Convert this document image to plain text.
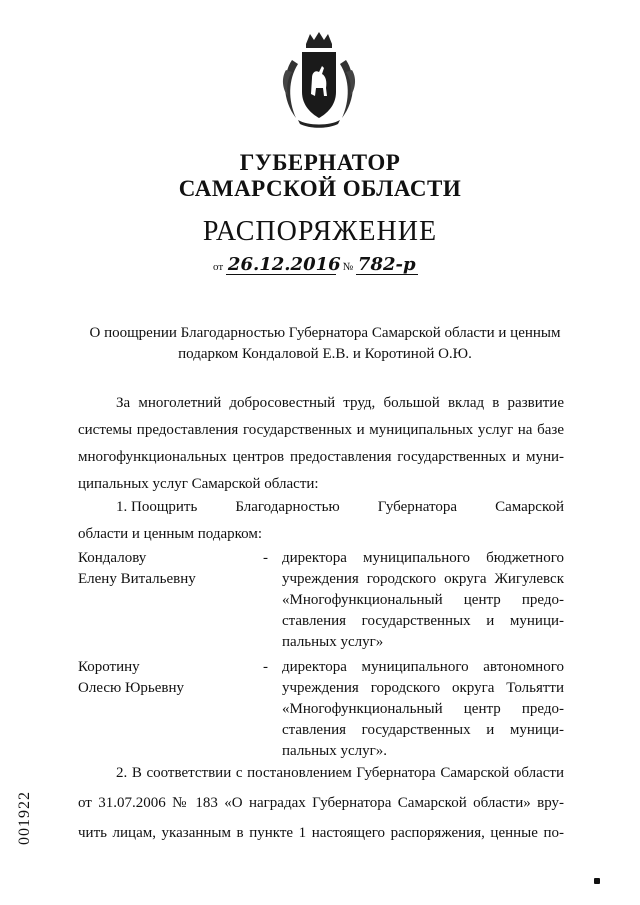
ГУБЕРНАТОР
САМАРСКОЙ ОБЛАСТИ
РАСПОРЯЖЕНИЕ
от 26.12.2016 № 782-р
О поощрении Благодарностью Губернатора Самарской области и ценным
подарком Кондаловой Е.В. и Коротиной О.Ю.
За многолетний добросовестный труд, большой вклад в развитие
системы предоставления государственных и муниципальных услуг на базе
многофункциональных центров предоставления государственных и муни-
ципальных услуг Самарской области:
1. Поощрить	Благодарностью	Губернатора	Самарской
области и ценным подарком:
Кондалову
Елену Витальевну
- директора муниципального бюджетного
учреждения городского округа Жигулевск
«Многофункциональный центр предо-
ставления государственных и муници-
пальных услуг»
Коротину
Олесю Юрьевну
- директора муниципального автономного
учреждения городского округа Тольятти
«Многофункциональный центр предо-
ставления государственных и муници-
пальных услуг».
2. В соответствии с постановлением Губернатора Самарской области
от 31.07.2006 № 183 «О наградах Губернатора Самарской области» вру-
чить лицам, указанным в пункте 1 настоящего распоряжения, ценные по-
001922
